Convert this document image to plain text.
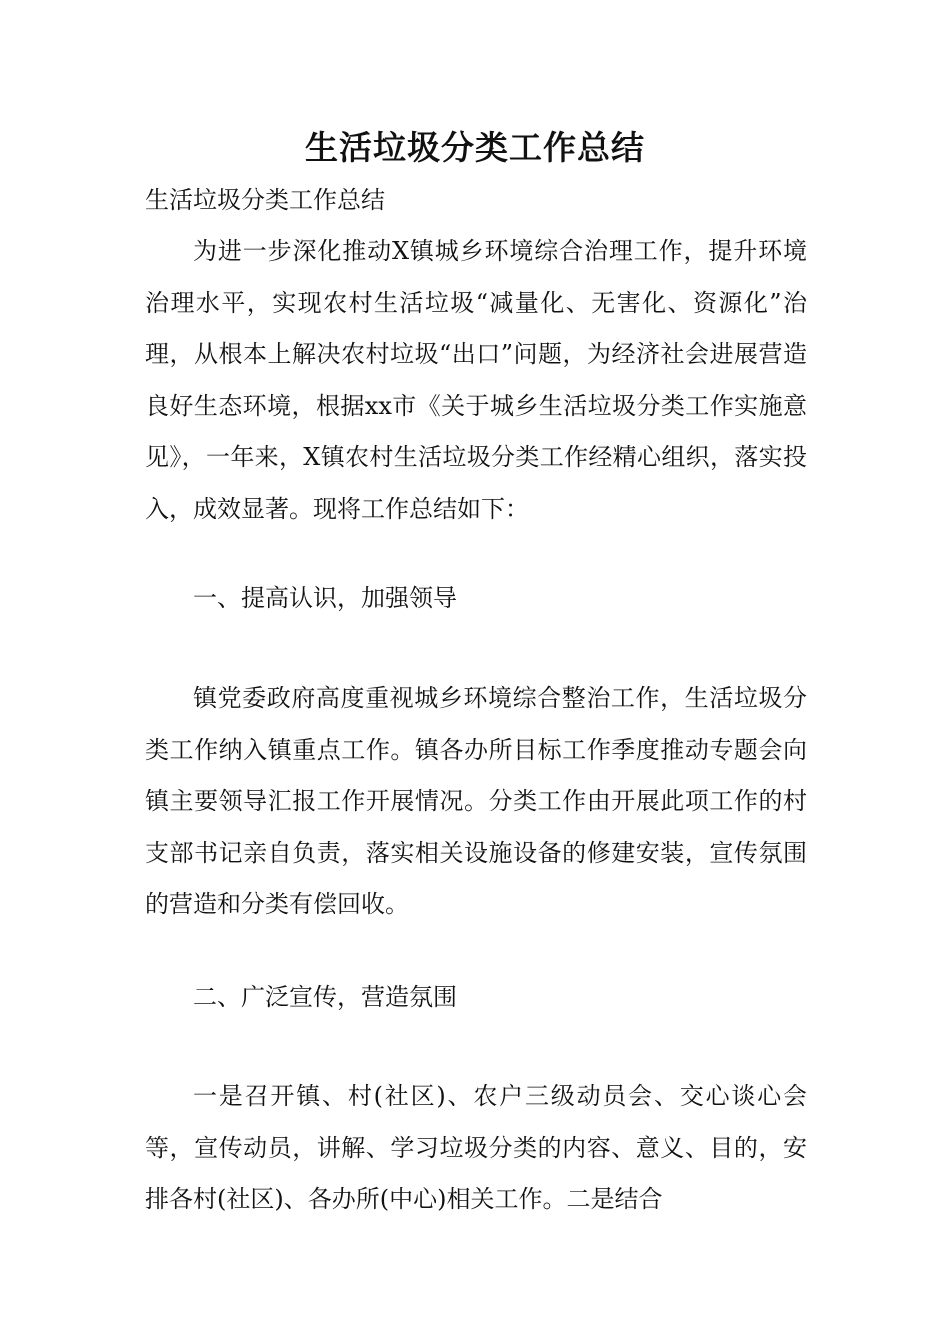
生活垃圾分类工作总结

生活垃圾分类工作总结

为进一步深化推动X镇城乡环境综合治理工作，提升环境治理水平，实现农村生活垃圾“减量化、无害化、资源化”治理，从根本上解决农村垃圾“出口”问题，为经济社会进展营造良好生态环境，根据xx市《关于城乡生活垃圾分类工作实施意见》，一年来，X镇农村生活垃圾分类工作经精心组织，落实投入，成效显著。现将工作总结如下：

一、提高认识，加强领导

镇党委政府高度重视城乡环境综合整治工作，生活垃圾分类工作纳入镇重点工作。镇各办所目标工作季度推动专题会向镇主要领导汇报工作开展情况。分类工作由开展此项工作的村支部书记亲自负责，落实相关设施设备的修建安装，宣传氛围的营造和分类有偿回收。

二、广泛宣传，营造氛围

一是召开镇、村(社区)、农户三级动员会、交心谈心会等，宣传动员，讲解、学习垃圾分类的内容、意义、目的，安排各村(社区)、各办所(中心)相关工作。二是结合
